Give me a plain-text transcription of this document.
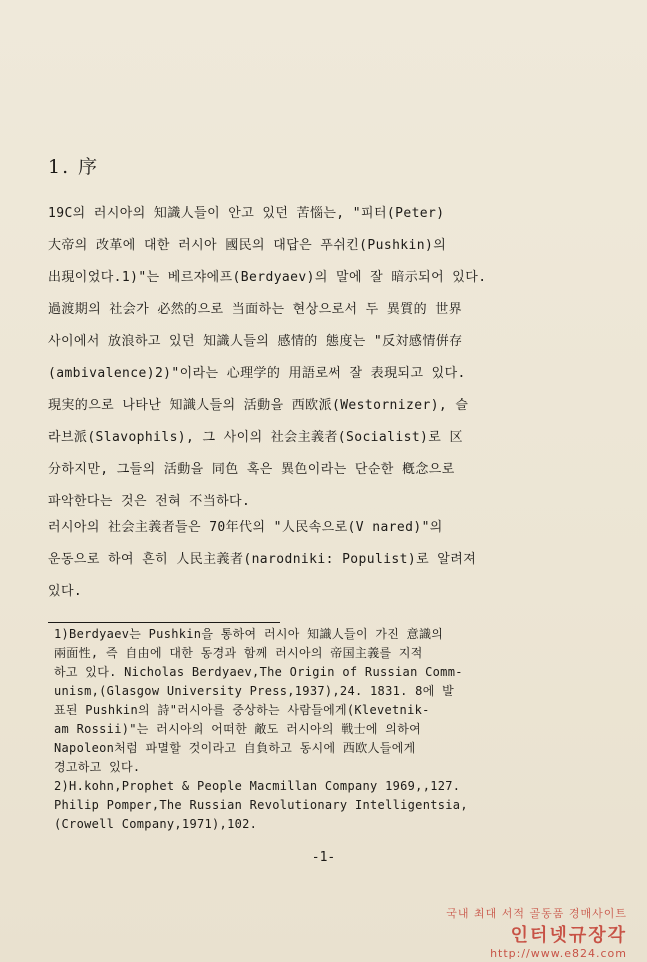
1. 序
19C의 러시아의 知識人들이 안고 있던 苦惱는, "피터(Peter)
大帝의 改革에 대한 러시아 國民의 대답은 푸쉬킨(Pushkin)의
出現이었다.1)"는 베르쟈에프(Berdyaev)의 말에 잘 暗示되어 있다.
過渡期의 社会가 必然的으로 当面하는 현상으로서 두 異質的 世界
사이에서 放浪하고 있던 知識人들의 感情的 態度는 "反対感情倂存
(ambivalence)2)"이라는 心理学的 用語로써 잘 表現되고 있다.
現実的으로 나타난 知識人들의 活動을 西欧派(Westornizer), 슬
라브派(Slavophils), 그 사이의 社会主義者(Socialist)로 区
分하지만, 그들의 活動을 同色 혹은 異色이라는 단순한 槪念으로
파악한다는 것은 전혀 不当하다.
러시아의 社会主義者들은 70年代의 "人民속으로(V nared)"의
운동으로 하여 흔히 人民主義者(narodniki: Populist)로 알려져
있다.
1)Berdyaev는 Pushkin을 통하여 러시아 知識人들이 가진 意識의
兩面性, 즉 自由에 대한 동경과 함께 러시아의 帝国主義를 지적
하고 있다. Nicholas Berdyaev,The Origin of Russian Comm-
unism,(Glasgow University Press,1937),24. 1831. 8에 발
표된 Pushkin의 詩"러시아를 중상하는 사람들에게(Klevetnik-
am Rossii)"는 러시아의 어떠한 敵도 러시아의 戦士에 의하여
Napoleon처럼 파멸할 것이라고 自負하고 동시에 西欧人들에게
경고하고 있다.
2)H.kohn,Prophet & People Macmillan Company 1969,,127.
Philip Pomper,The Russian Revolutionary Intelligentsia,
(Crowell Company,1971),102.
-1-
국내 최대 서적 골동품 경매사이트
인터넷규장각
http://www.e824.com
